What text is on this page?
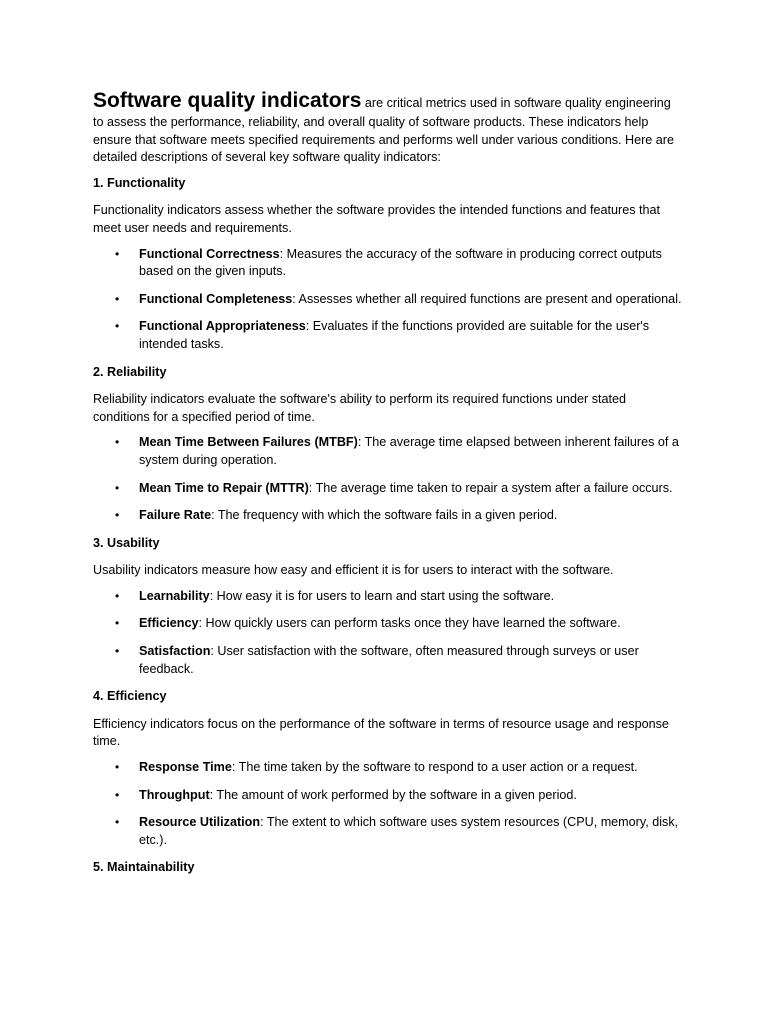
Software quality indicators are critical metrics used in software quality engineering to assess the performance, reliability, and overall quality of software products. These indicators help ensure that software meets specified requirements and performs well under various conditions. Here are detailed descriptions of several key software quality indicators:

1. Functionality

Functionality indicators assess whether the software provides the intended functions and features that meet user needs and requirements.

• Functional Correctness: Measures the accuracy of the software in producing correct outputs based on the given inputs.
• Functional Completeness: Assesses whether all required functions are present and operational.
• Functional Appropriateness: Evaluates if the functions provided are suitable for the user's intended tasks.

2. Reliability

Reliability indicators evaluate the software's ability to perform its required functions under stated conditions for a specified period of time.

• Mean Time Between Failures (MTBF): The average time elapsed between inherent failures of a system during operation.
• Mean Time to Repair (MTTR): The average time taken to repair a system after a failure occurs.
• Failure Rate: The frequency with which the software fails in a given period.

3. Usability

Usability indicators measure how easy and efficient it is for users to interact with the software.

• Learnability: How easy it is for users to learn and start using the software.
• Efficiency: How quickly users can perform tasks once they have learned the software.
• Satisfaction: User satisfaction with the software, often measured through surveys or user feedback.

4. Efficiency

Efficiency indicators focus on the performance of the software in terms of resource usage and response time.

• Response Time: The time taken by the software to respond to a user action or a request.
• Throughput: The amount of work performed by the software in a given period.
• Resource Utilization: The extent to which software uses system resources (CPU, memory, disk, etc.).

5. Maintainability
